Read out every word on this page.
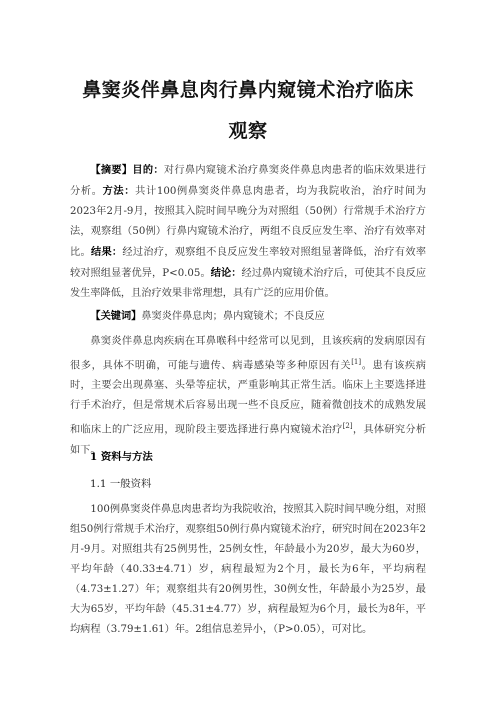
鼻窦炎伴鼻息肉行鼻内窥镜术治疗临床
观察
【摘要】目的：对行鼻内窥镜术治疗鼻窦炎伴鼻息肉患者的临床效果进行分析。方法：共计100例鼻窦炎伴鼻息肉患者，均为我院收治，治疗时间为2023年2月-9月，按照其入院时间早晚分为对照组（50例）行常规手术治疗方法，观察组（50例）行鼻内窥镜术治疗，两组不良反应发生率、治疗有效率对比。结果：经过治疗，观察组不良反应发生率较对照组显著降低，治疗有效率较对照组显著优异，P<0.05。结论：经过鼻内窥镜术治疗后，可使其不良反应发生率降低，且治疗效果非常理想，具有广泛的应用价值。
【关键词】鼻窦炎伴鼻息肉；鼻内窥镜术；不良反应
鼻窦炎伴鼻息肉疾病在耳鼻喉科中经常可以见到，且该疾病的发病原因有很多，具体不明确，可能与遗传、病毒感染等多种原因有关[1]。患有该疾病时，主要会出现鼻塞、头晕等症状，严重影响其正常生活。临床上主要选择进行手术治疗，但是常规术后容易出现一些不良反应，随着微创技术的成熟发展和临床上的广泛应用，现阶段主要选择进行鼻内窥镜术治疗[2]，具体研究分析如下。
1 资料与方法
1.1 一般资料
100例鼻窦炎伴鼻息肉患者均为我院收治，按照其入院时间早晚分组，对照组50例行常规手术治疗，观察组50例行鼻内窥镜术治疗，研究时间在2023年2月-9月。对照组共有25例男性，25例女性，年龄最小为20岁，最大为60岁，平均年龄（40.33±4.71）岁，病程最短为2个月，最长为6年，平均病程（4.73±1.27）年；观察组共有20例男性，30例女性，年龄最小为25岁，最大为65岁，平均年龄（45.31±4.77）岁，病程最短为6个月，最长为8年，平均病程（3.79±1.61）年。2组信息差异小，（P>0.05），可对比。
